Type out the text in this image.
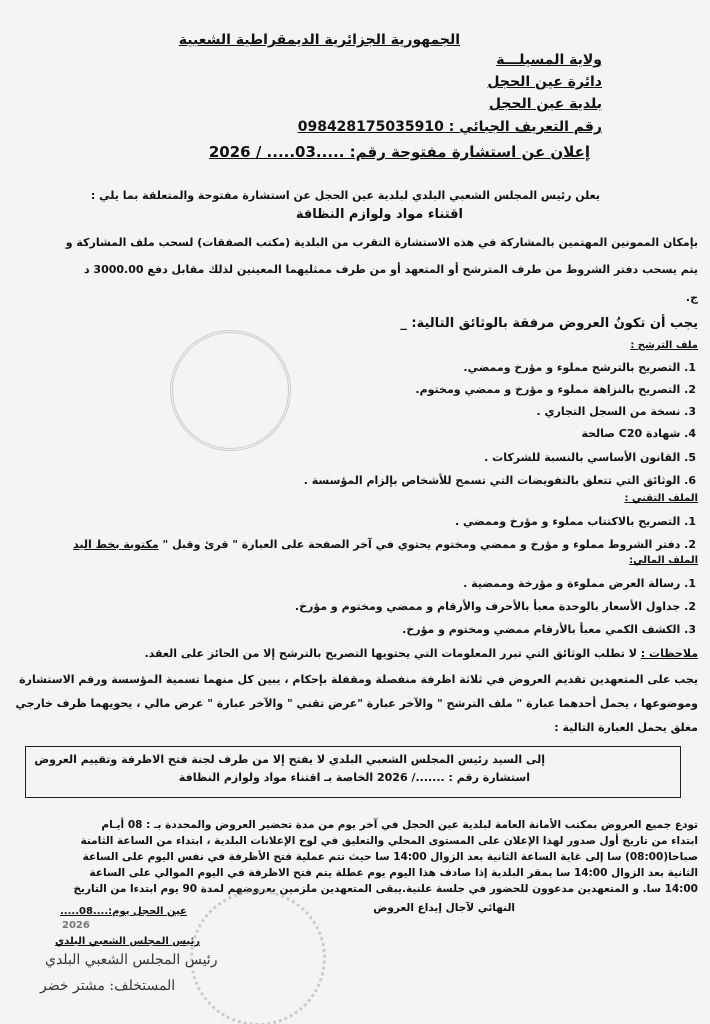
الجمهورية الجزائرية الديمقراطية الشعبية
ولاية المسيلـــة
دائرة عين الحجل
بلدية عين الحجل
رقم التعريف الجبائي : 098428175035910
إعلان عن استشارة مفتوحة رقم: .....03..... / 2026
يعلن رئيس المجلس الشعبي البلدي لبلدية عين الحجل عن استشارة مفتوحة والمتعلقة بما يلي :
اقتناء مواد ولوازم النظافة
بإمكان الممونين المهتمين بالمشاركة في هذه الاستشارة التقرب من البلدية (مكتب الصفقات) لسحب ملف المشاركة و
يتم يسحب دفتر الشروط من طرف المترشح أو المتعهد أو من طرف ممثليهما المعينين لذلك مقابل دفع 3000.00 د
ج.
يجب أن تكونُ العروض مرفقة بالوثائق التالية: _
ملف الترشح :
1. التصريح بالترشح مملوء و مؤرخ وممضي.
2. التصريح بالنزاهة مملوء و مؤرخ و ممضي ومختوم.
3. نسخة من السجل التجاري .
4. شهادة C20 صالحة
5. القانون الأساسي بالنسبة للشركات .
6. الوثائق التي تتعلق بالتفويضات التي تسمح للأشخاص بإلزام المؤسسة .
الملف التقني :
1. التصريح بالاكتتاب مملوء و مؤرخ وممضي .
2. دفتر الشروط مملوء و مؤرخ و ممضي ومختوم يحتوي في آخر الصفحة على العبارة " قرئ وقبل " مكتوبة بخط اليد
الملف المالي:
1. رسالة العرض مملوءة و مؤرخة وممضية .
2. جداول الأسعار بالوحدة معبأ بالأحرف والأرقام و ممضي ومختوم و مؤرخ.
3. الكشف الكمي معبأ بالأرقام ممضي ومختوم و مؤرخ.
ملاحظات : لا تطلب الوثائق التي تبرر المعلومات التي يحتويها التصريح بالترشح إلا من الحائز على العقد.
يجب على المتعهدين تقديم العروض في ثلاثة اظرفة منفصلة ومقفلة بإحكام ، يبين كل منهما تسمية المؤسسة ورقم الاستشارة
وموضوعها ، يحمل أحدهما عبارة " ملف الترشح " والآخر عبارة "عرض تقني " والآخر عبارة " عرض مالي ، يحويهما ظرف خارجي
مغلق يحمل العبارة التالية :
إلى السيد رئيس المجلس الشعبي البلدي لا يفتح إلا من طرف لجنة فتح الاظرفة وتقييم العروض
استشارة رقم : ......./ 2026 الخاصة بـ اقتناء مواد ولوازم النظافة
تودع جميع العروض بمكتب الأمانة العامة لبلدية عين الحجل في آخر يوم من مدة تحضير العروض والمحددة بـ : 08 أيـام
ابتداء من تاريخ أول صدور لهذا الإعلان على المستوى المحلي والتعليق في لوح الإعلانات البلدية ، ابتداء من الساعة الثامنة
صباحا(08:00) سا إلى غاية الساعة الثانية بعد الزوال 14:00 سا حيث تتم عملية فتح الأظرفة في نفس اليوم على الساعة
الثانية بعد الزوال 14:00 سا بمقر البلدية إذا صادف هذا اليوم يوم عطلة يتم فتح الاظرفة في اليوم الموالي على الساعة
14:00 سا. و المتعهدين مدعوون للحضور في جلسة علنية.يبقى المتعهدين ملزمين بعروضهم لمدة 90 يوم ابتدءا من التاريخ
النهائي لآجال إيداع العروض
عين الحجل يوم:....08.....
2026
رئيس المجلس الشعبي البلدي
رئيس المجلس الشعبي البلدي
المستخلف: مشتر خضر
